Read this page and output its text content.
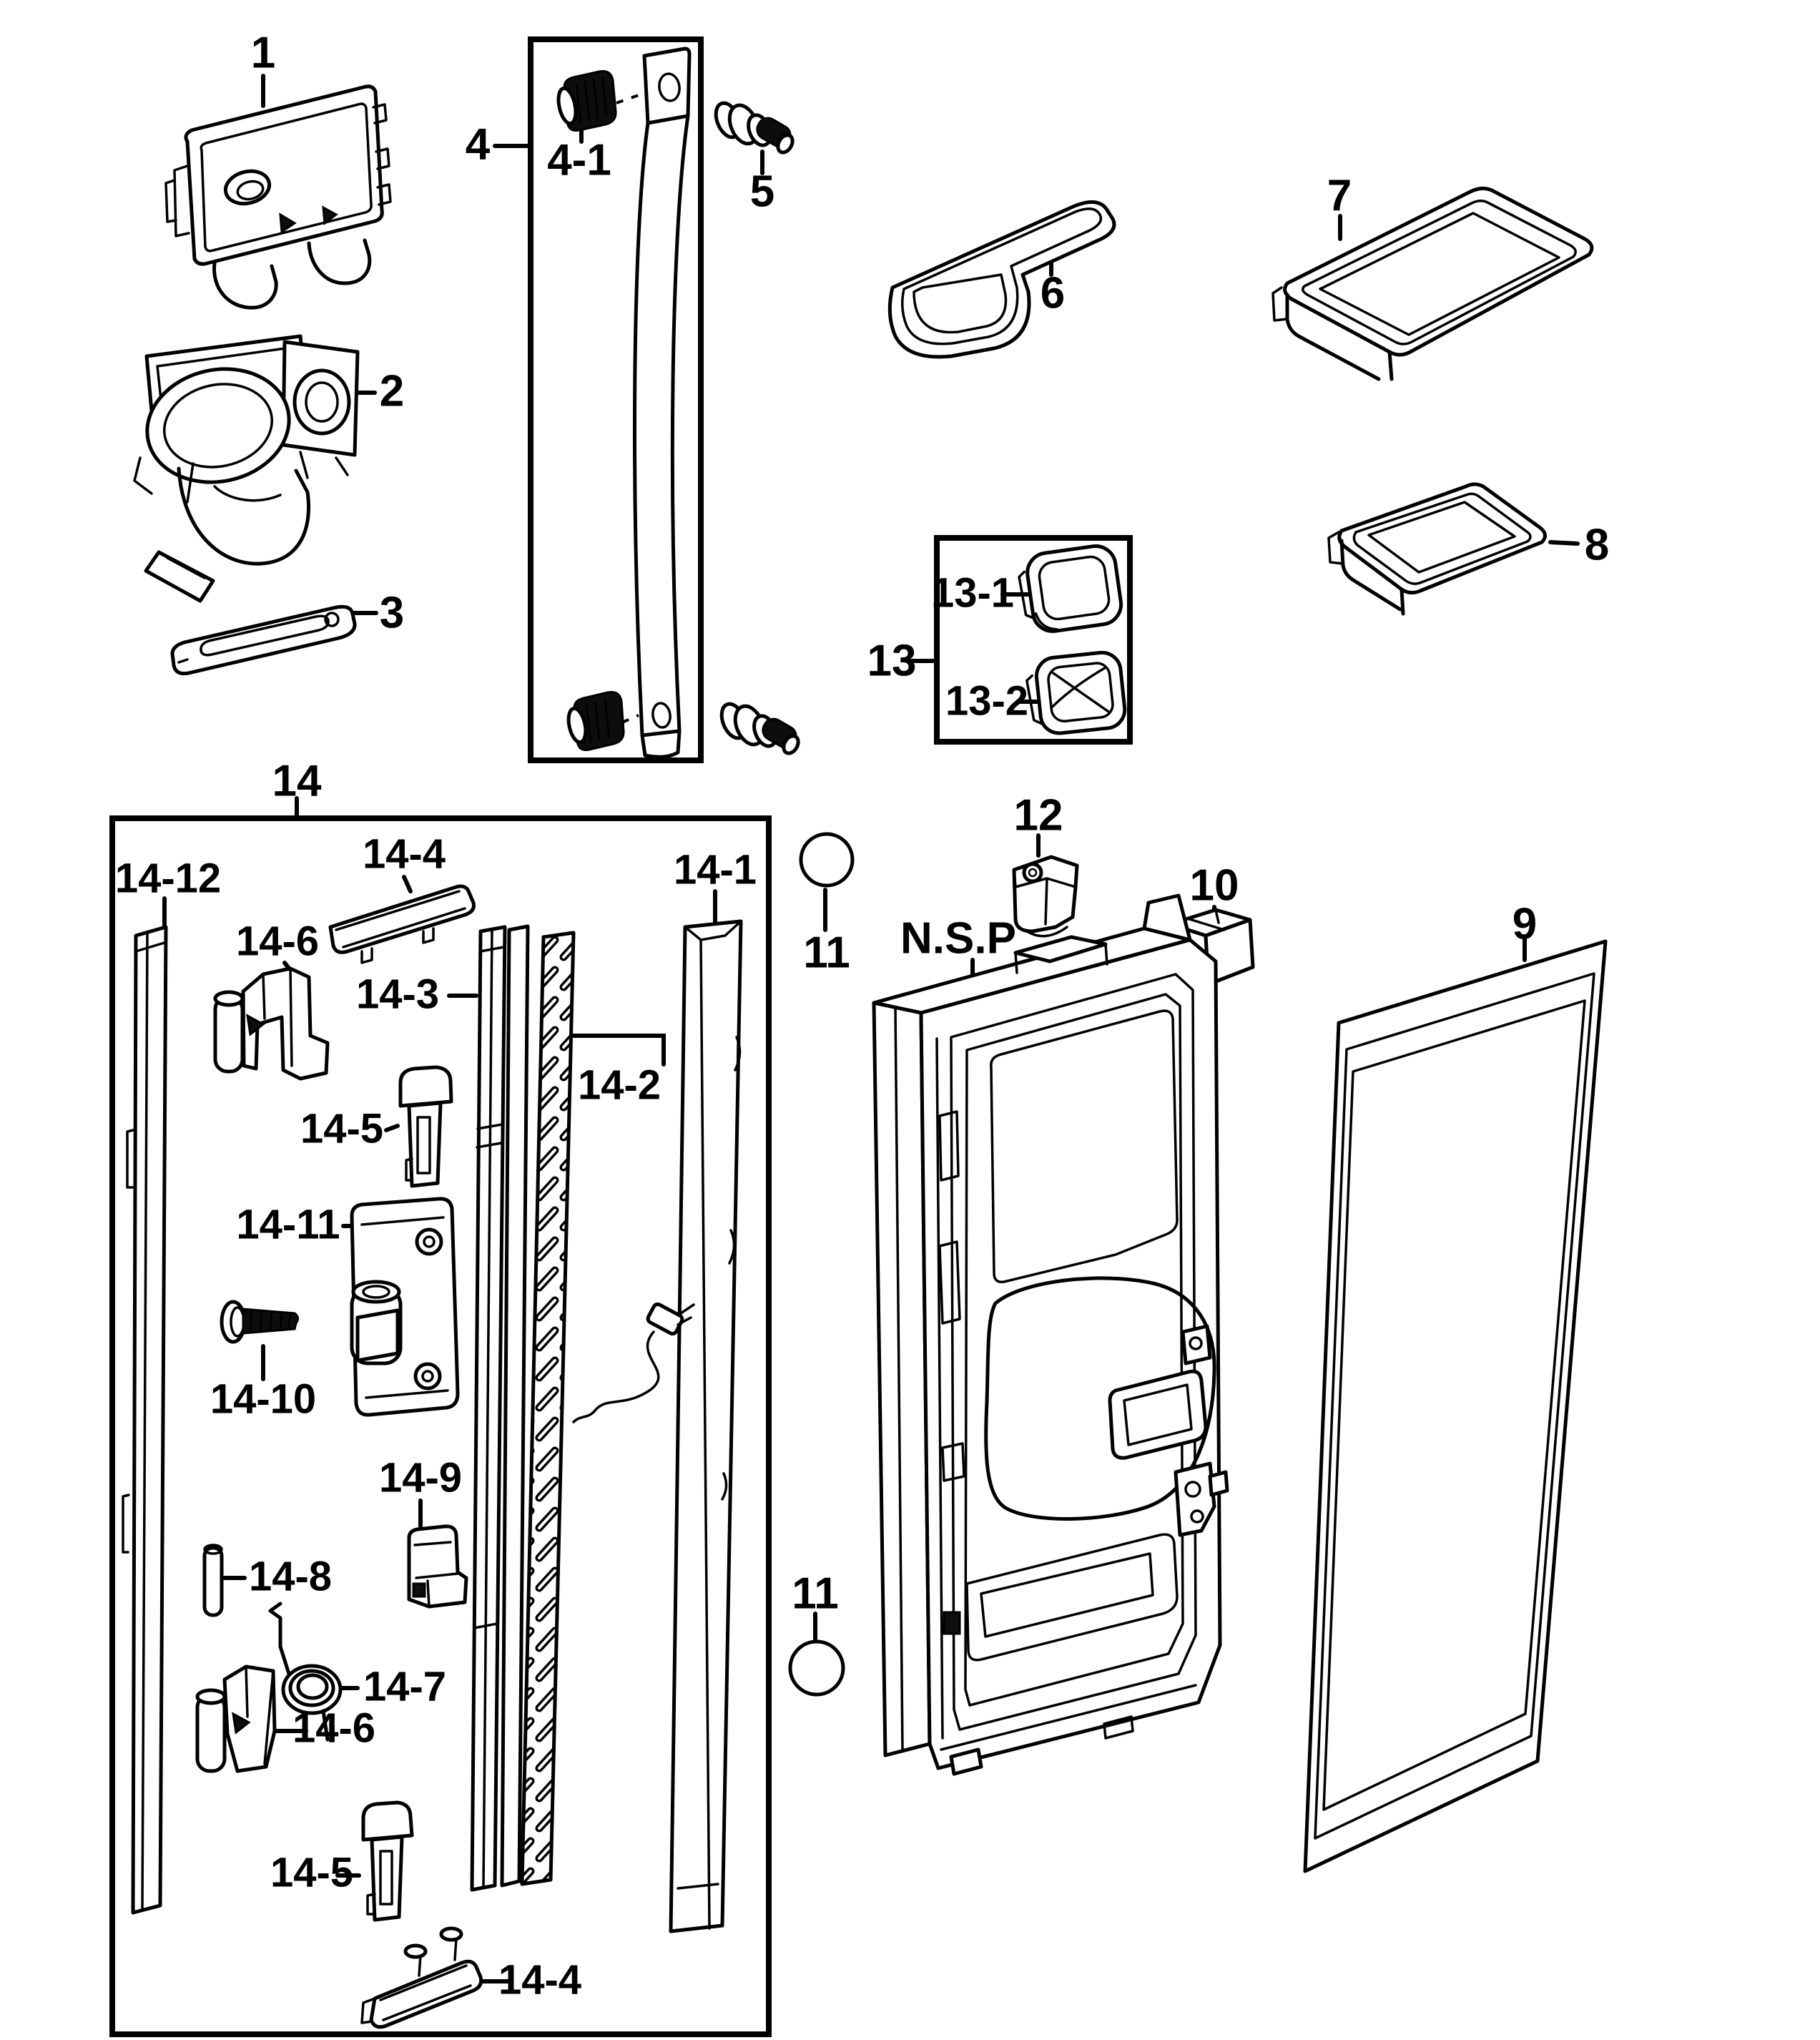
1
2
3
4 4-1
5
6
7
8
9
10
11
11
12
13
13-1
13-2
14
N.S.P
14-12
14-4	14-1
14-6
14-3
14-2
14-5
14-11
14-10
14-9
14-8
14-7
14-6
14-5
14-4
